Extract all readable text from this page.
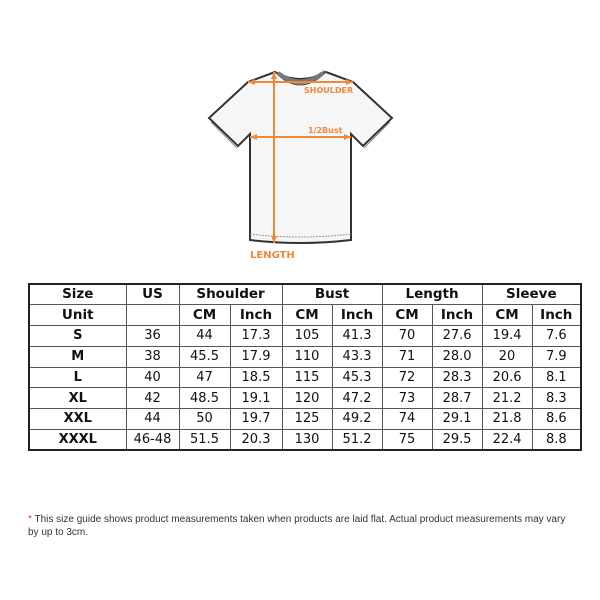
SHOULDER
1/2Bust
LENGTH
Size	US	Shoulder		Bust		Length		Sleeve	
Unit		CM	Inch	CM	Inch	CM	Inch	CM	Inch
S	36	44	17.3	105	41.3	70	27.6	19.4	7.6
M	38	45.5	17.9	110	43.3	71	28.0	20	7.9
L	40	47	18.5	115	45.3	72	28.3	20.6	8.1
XL	42	48.5	19.1	120	47.2	73	28.7	21.2	8.3
XXL	44	50	19.7	125	49.2	74	29.1	21.8	8.6
XXXL	46-48	51.5	20.3	130	51.2	75	29.5	22.4	8.8
* This size guide shows product measurements taken when products are laid flat. Actual product measurements may vary by up to 3cm.
